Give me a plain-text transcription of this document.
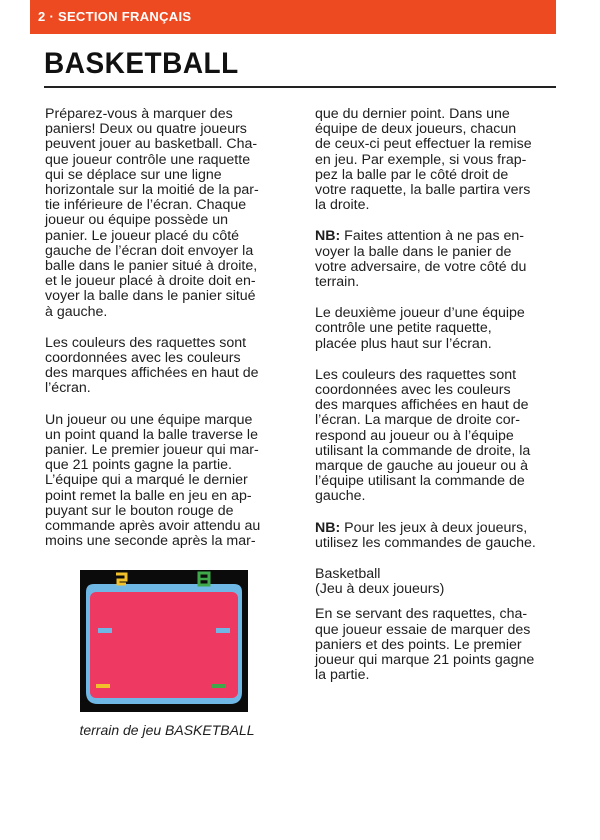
2 · SECTION FRANÇAIS
BASKETBALL

Préparez-vous à marquer des
paniers! Deux ou quatre joueurs
peuvent jouer au basketball. Cha-
que joueur contrôle une raquette
qui se déplace sur une ligne
horizontale sur la moitié de la par-
tie inférieure de l’écran. Chaque
joueur ou équipe possède un
panier. Le joueur placé du côté
gauche de l’écran doit envoyer la
balle dans le panier situé à droite,
et le joueur placé à droite doit en-
voyer la balle dans le panier situé
à gauche.

Les couleurs des raquettes sont
coordonnées avec les couleurs
des marques affichées en haut de
l’écran.

Un joueur ou une équipe marque
un point quand la balle traverse le
panier. Le premier joueur qui mar-
que 21 points gagne la partie.
L’équipe qui a marqué le dernier
point remet la balle en jeu en ap-
puyant sur le bouton rouge de
commande après avoir attendu au
moins une seconde après la mar-

que du dernier point. Dans une
équipe de deux joueurs, chacun
de ceux-ci peut effectuer la remise
en jeu. Par exemple, si vous frap-
pez la balle par le côté droit de
votre raquette, la balle partira vers
la droite.

NB: Faites attention à ne pas en-
voyer la balle dans le panier de
votre adversaire, de votre côté du
terrain.

Le deuxième joueur d’une équipe
contrôle une petite raquette,
placée plus haut sur l’écran.

Les couleurs des raquettes sont
coordonnées avec les couleurs
des marques affichées en haut de
l’écran. La marque de droite cor-
respond au joueur ou à l’équipe
utilisant la commande de droite, la
marque de gauche au joueur ou à
l’équipe utilisant la commande de
gauche.

NB: Pour les jeux à deux joueurs,
utilisez les commandes de gauche.

Basketball
(Jeu à deux joueurs)

En se servant des raquettes, cha-
que joueur essaie de marquer des
paniers et des points. Le premier
joueur qui marque 21 points gagne
la partie.

terrain de jeu BASKETBALL
